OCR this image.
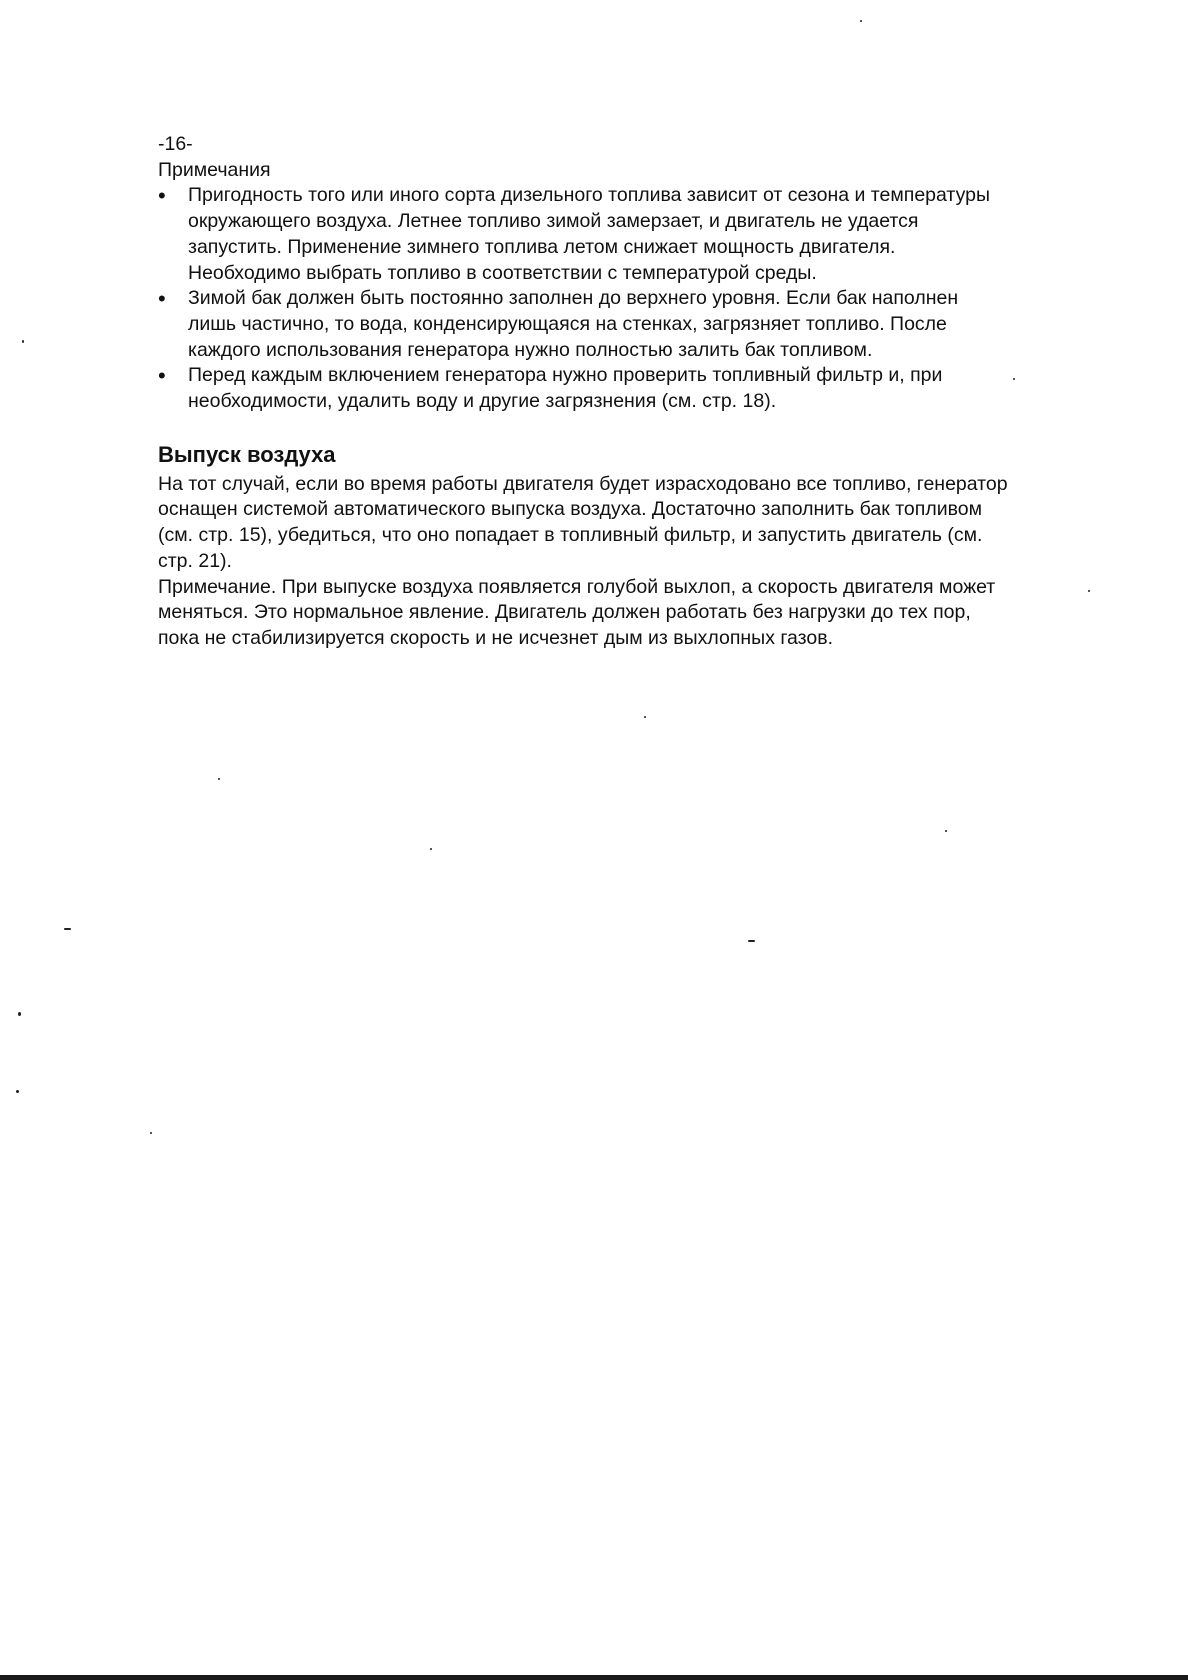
-16-
Примечания
• Пригодность того или иного сорта дизельного топлива зависит от сезона и температуры окружающего воздуха. Летнее топливо зимой замерзает, и двигатель не удается запустить. Применение зимнего топлива летом снижает мощность двигателя. Необходимо выбрать топливо в соответствии с температурой среды.
• Зимой бак должен быть постоянно заполнен до верхнего уровня. Если бак наполнен лишь частично, то вода, конденсирующаяся на стенках, загрязняет топливо. После каждого использования генератора нужно полностью залить бак топливом.
• Перед каждым включением генератора нужно проверить топливный фильтр и, при необходимости, удалить воду и другие загрязнения (см. стр. 18).
Выпуск воздуха

На тот случай, если во время работы двигателя будет израсходовано все топливо, генератор оснащен системой автоматического выпуска воздуха. Достаточно заполнить бак топливом (см. стр. 15), убедиться, что оно попадает в топливный фильтр, и запустить двигатель (см. стр. 21).

Примечание. При выпуске воздуха появляется голубой выхлоп, а скорость двигателя может меняться. Это нормальное явление. Двигатель должен работать без нагрузки до тех пор, пока не стабилизируется скорость и не исчезнет дым из выхлопных газов.
